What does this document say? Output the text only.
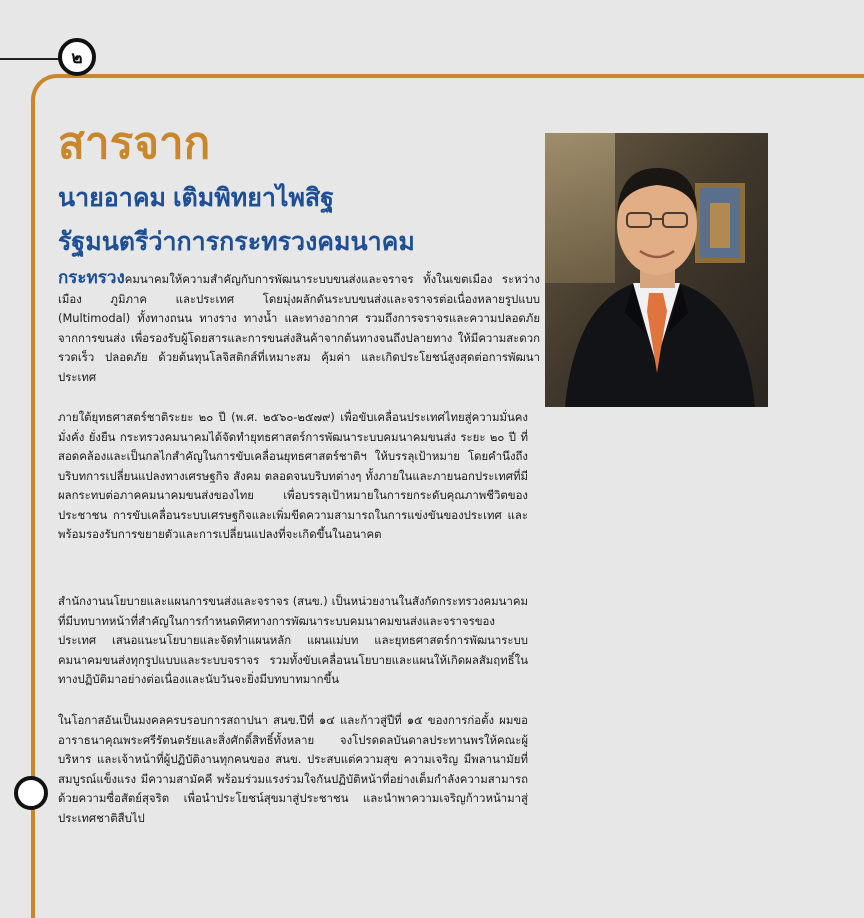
๒
สารจาก
นายอาคม เติมพิทยาไพสิฐ
รัฐมนตรีว่าการกระทรวงคมนาคม

กระทรวงคมนาคมให้ความสำคัญกับการพัฒนาระบบขนส่งและจราจร ทั้งในเขตเมือง ระหว่างเมือง ภูมิภาค และประเทศ โดยมุ่งผลักดันระบบขนส่งและจราจรต่อเนื่องหลายรูปแบบ (Multimodal) ทั้งทางถนน ทางราง ทางน้ำ และทางอากาศ รวมถึงการจราจรและความปลอดภัยจากการขนส่ง เพื่อรองรับผู้โดยสารและการขนส่งสินค้าจากต้นทางจนถึงปลายทาง ให้มีความสะดวก รวดเร็ว ปลอดภัย ด้วยต้นทุนโลจิสติกส์ที่เหมาะสม คุ้มค่า และเกิดประโยชน์สูงสุดต่อการพัฒนาประเทศ

ภายใต้ยุทธศาสตร์ชาติระยะ ๒๐ ปี (พ.ศ. ๒๕๖๐-๒๕๗๙) เพื่อขับเคลื่อนประเทศไทยสู่ความมั่นคง มั่งคั่ง ยั่งยืน กระทรวงคมนาคมได้จัดทำยุทธศาสตร์การพัฒนาระบบคมนาคมขนส่ง ระยะ ๒๐ ปี ที่สอดคล้องและเป็นกลไกสำคัญในการขับเคลื่อนยุทธศาสตร์ชาติฯ ให้บรรลุเป้าหมาย โดยคำนึงถึงบริบทการเปลี่ยนแปลงทางเศรษฐกิจ สังคม ตลอดจนบริบทต่างๆ ทั้งภายในและภายนอกประเทศที่มีผลกระทบต่อภาคคมนาคมขนส่งของไทย เพื่อบรรลุเป้าหมายในการยกระดับคุณภาพชีวิตของประชาชน การขับเคลื่อนระบบเศรษฐกิจและเพิ่มขีดความสามารถในการแข่งขันของประเทศ และพร้อมรองรับการขยายตัวและการเปลี่ยนแปลงที่จะเกิดขึ้นในอนาคต

สำนักงานนโยบายและแผนการขนส่งและจราจร (สนข.) เป็นหน่วยงานในสังกัดกระทรวงคมนาคม ที่มีบทบาทหน้าที่สำคัญในการกำหนดทิศทางการพัฒนาระบบคมนาคมขนส่งและจราจรของประเทศ เสนอแนะนโยบายและจัดทำแผนหลัก แผนแม่บท และยุทธศาสตร์การพัฒนาระบบคมนาคมขนส่งทุกรูปแบบและระบบจราจร รวมทั้งขับเคลื่อนนโยบายและแผนให้เกิดผลสัมฤทธิ์ในทางปฏิบัติมาอย่างต่อเนื่องและนับวันจะยิ่งมีบทบาทมากขึ้น

ในโอกาสอันเป็นมงคลครบรอบการสถาปนา สนข.ปีที่ ๑๔ และก้าวสู่ปีที่ ๑๕ ของการก่อตั้ง ผมขออาราธนาคุณพระศรีรัตนตรัยและสิ่งศักดิ์สิทธิ์ทั้งหลาย จงโปรดดลบันดาลประทานพรให้คณะผู้บริหาร และเจ้าหน้าที่ผู้ปฏิบัติงานทุกคนของ สนข. ประสบแต่ความสุข ความเจริญ มีพลานามัยที่สมบูรณ์แข็งแรง มีความสามัคคี พร้อมร่วมแรงร่วมใจกันปฏิบัติหน้าที่อย่างเต็มกำลังความสามารถ ด้วยความซื่อสัตย์สุจริต เพื่อนำประโยชน์สุขมาสู่ประชาชน และนำพาความเจริญก้าวหน้ามาสู่ประเทศชาติสืบไป
